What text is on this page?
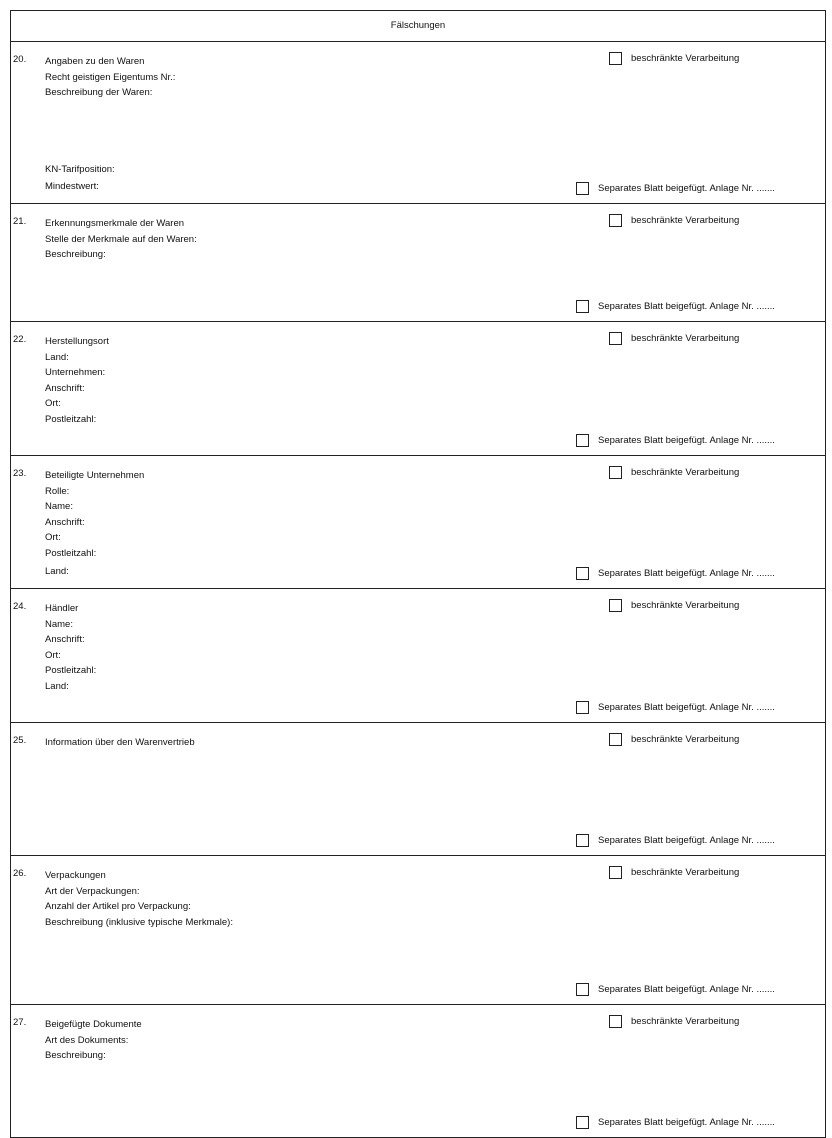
Fälschungen
20. Angaben zu den Waren
Recht geistigen Eigentums Nr.:
Beschreibung der Waren:
KN-Tarifposition:
Mindestwert:
beschränkte Verarbeitung
Separates Blatt beigefügt. Anlage Nr. .......
21. Erkennungsmerkmale der Waren
Stelle der Merkmale auf den Waren:
Beschreibung:
beschränkte Verarbeitung
Separates Blatt beigefügt. Anlage Nr. .......
22. Herstellungsort
Land:
Unternehmen:
Anschrift:
Ort:
Postleitzahl:
beschränkte Verarbeitung
Separates Blatt beigefügt. Anlage Nr. .......
23. Beteiligte Unternehmen
Rolle:
Name:
Anschrift:
Ort:
Postleitzahl:
Land:
beschränkte Verarbeitung
Separates Blatt beigefügt. Anlage Nr. .......
24. Händler
Name:
Anschrift:
Ort:
Postleitzahl:
Land:
beschränkte Verarbeitung
Separates Blatt beigefügt. Anlage Nr. .......
25. Information über den Warenvertrieb	beschränkte Verarbeitung
Separates Blatt beigefügt. Anlage Nr. .......
26. Verpackungen
Art der Verpackungen:
Anzahl der Artikel pro Verpackung:
Beschreibung (inklusive typische Merkmale):
beschränkte Verarbeitung
Separates Blatt beigefügt. Anlage Nr. .......
27. Beigefügte Dokumente
Art des Dokuments:
Beschreibung:
beschränkte Verarbeitung
Separates Blatt beigefügt. Anlage Nr. .......
